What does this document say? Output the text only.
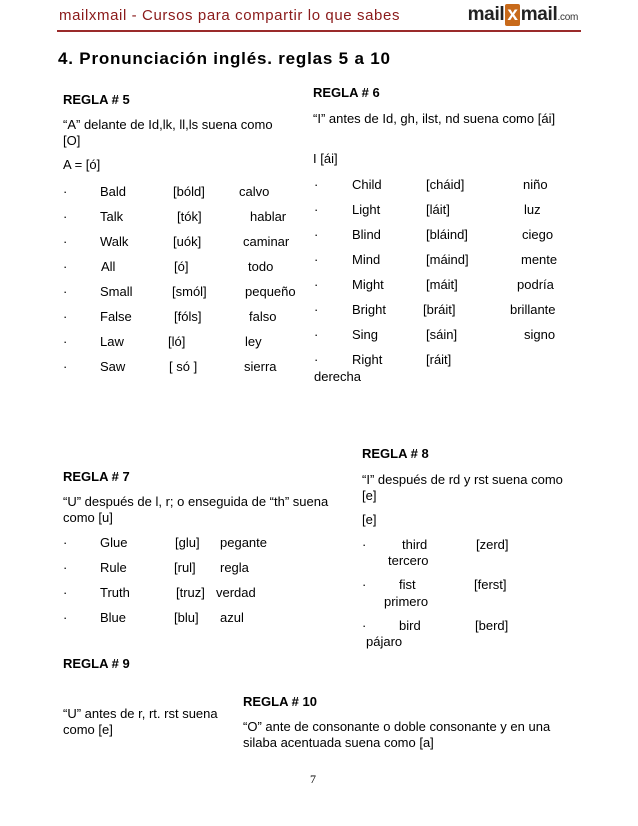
mailxmail - Cursos para compartir lo que sabes	mail x mail.com
4. Pronunciación inglés. reglas 5 a 10
REGLA # 5
“A” delante de Id,lk, ll,ls suena como [O]
A = [ó]
·	Bald	[bóld]	calvo
·	Talk	[tók]	hablar
·	Walk	[uók]	caminar
·	All	[ó]	todo
·	Small	[smól]	pequeño
·	False	[fóls]	falso
·	Law	[ló]	ley
·	Saw	[ só ]	sierra
REGLA # 6
“I” antes de Id, gh, ilst, nd suena como [ái]
I [ái]
·	Child	[cháid]	niño
·	Light	[láit]	luz
·	Blind	[bláind]	ciego
·	Mind	[máind]	mente
·	Might	[máit]	podría
·	Bright	[bráit]	brillante
·	Sing	[sáin]	signo
·	Right	[ráit]
derecha
REGLA # 8
“I” después de rd y rst suena como [e]
[e]
·	third	[zerd]
tercero
·	fist	[ferst]
primero
·	bird	[berd]
pájaro
REGLA # 7
“U” después de l, r; o enseguida de “th” suena como [u]
·	Glue	[glu] pegante
·	Rule	[rul] regla
·	Truth	[truz] verdad
·	Blue	[blu] azul
REGLA # 9
“U” antes de r, rt. rst suena como [e]
REGLA # 10
“O” ante de consonante o doble consonante y en una silaba acentuada suena como [a]
7
